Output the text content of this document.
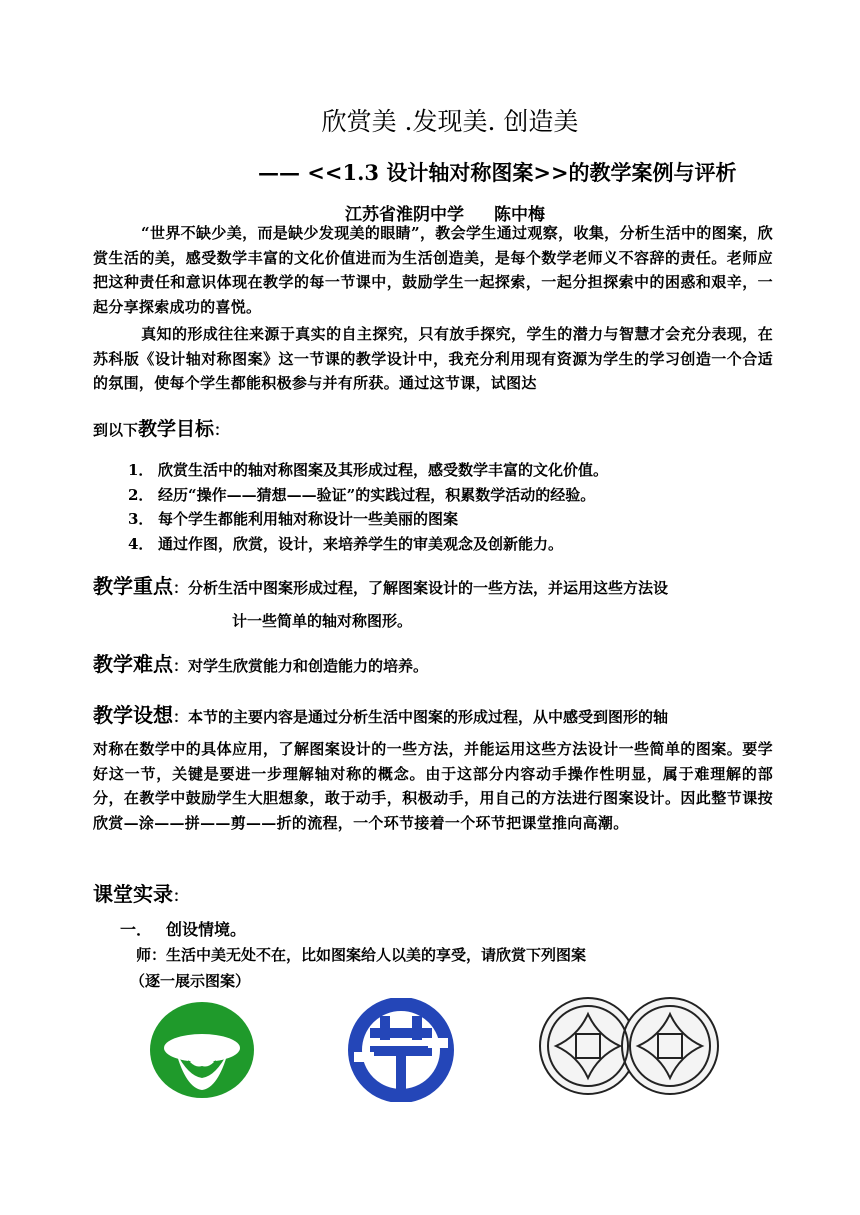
欣赏美 .发现美. 创造美
—— <<1.3 设计轴对称图案>>的教学案例与评析
江苏省淮阴中学 陈中梅
“世界不缺少美，而是缺少发现美的眼睛”，教会学生通过观察，收集，分析生活中的图案，欣赏生活的美，感受数学丰富的文化价值进而为生活创造美，是每个数学老师义不容辞的责任。老师应把这种责任和意识体现在教学的每一节课中，鼓励学生一起探索，一起分担探索中的困惑和艰辛，一起分享探索成功的喜悦。
真知的形成往往来源于真实的自主探究，只有放手探究，学生的潜力与智慧才会充分表现，在苏科版《设计轴对称图案》这一节课的教学设计中，我充分利用现有资源为学生的学习创造一个合适的氛围，使每个学生都能积极参与并有所获。通过这节课，试图达
到以下教学目标：
1． 欣赏生活中的轴对称图案及其形成过程，感受数学丰富的文化价值。
2． 经历“操作——猜想——验证”的实践过程，积累数学活动的经验。
3． 每个学生都能利用轴对称设计一些美丽的图案
4． 通过作图，欣赏，设计，来培养学生的审美观念及创新能力。
教学重点：分析生活中图案形成过程，了解图案设计的一些方法，并运用这些方法设
计一些简单的轴对称图形。
教学难点：对学生欣赏能力和创造能力的培养。
教学设想：本节的主要内容是通过分析生活中图案的形成过程，从中感受到图形的轴
对称在数学中的具体应用，了解图案设计的一些方法，并能运用这些方法设计一些简单的图案。要学好这一节，关键是要进一步理解轴对称的概念。由于这部分内容动手操作性明显，属于难理解的部分，在教学中鼓励学生大胆想象，敢于动手，积极动手，用自己的方法进行图案设计。因此整节课按欣赏—涂——拼——剪——折的流程，一个环节接着一个环节把课堂推向高潮。
课堂实录：
一． 创设情境。
师：生活中美无处不在，比如图案给人以美的享受，请欣赏下列图案
（逐一展示图案）
